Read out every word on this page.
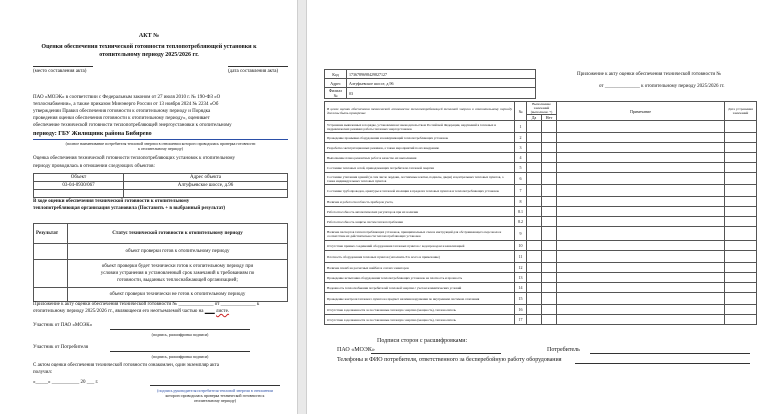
АКТ №
Оценки обеспечения технической готовности теплопотребляющей установки к
отопительному периоду 2025/2026 гг.
(место составления акта)	(дата составления акта)
ПАО «МОЭК» в соответствии с Федеральным законом от 27 июля 2010 г. № 190-ФЗ «О
теплоснабжении», а также приказом Минэнерго России от 13 ноября 2024 № 2234 «Об
утверждении Правил обеспечения готовности к отопительному периоду и Порядка
проведения оценки обеспечения готовности к отопительному периоду», оценивает
обеспечение технической готовности теплопотребляющей энергоустановки к отопительному
периоду: ГБУ Жилищник района Бибирево
(полное наименование потребителя тепловой энергии в отношении которого проводилась проверка готовности
к отопительному периоду)
Оценка обеспечения технической готовности теплопотребляющих установок к отопительному
периоду проводилась в отношении следующих объектов:
Объект	Адрес объекта
03-04-0930/067	Алтуфьевское шоссе, д.96

В ходе оценки обеспечения технической готовности к отопительному
теплопотребляющая организация установила (Поставить + в выбранный результат)
Результат	Статус технической готовности к отопительному периоду
	объект проверки готов к отопительному периоду

	объект проверки будет технически готов к отопительному периоду при
условии устранения в установленный срок замечаний к требованиям по
готовности, выданных теплоснабжающей организацией;

	объект проверки технически не готов к отопительному периоду
Приложение к акту оценки обеспечения технической готовности № ______________ от ______________ к
отопительному периоду 2025/2026 гг., являющееся его неотъемлемой частью на ____ листе.
Участник от ПАО «МОЭК»
(подпись, расшифровка подписи)
Участник от Потребителя
(подпись, расшифровка подписи)
С актом оценки обеспечения технической готовности ознакомлен, один экземпляр акта
получил:
«_____» ___________ 20 ___ г.
(подпись руководителя потребителя тепловой энергии в отношении
которого проводилась проверка технической готовности к
отопительному периоду)
Код	1736789698429827127
Адрес	Алтуфьевское шоссе, д.96
Филиал №	03
Приложение к акту оценки обеспечения технической готовности №
от ______________ к отопительному периоду 2025/2026 гг.
В целях оценки обеспечения технической готовности теплопотребляющей тепловой энергии к отопительному периоду должны быть проверены:	№	Выполнение замечаний (выполнено +)		Примечание	Дата устранения замечаний
		Да	Нет		
Устранение выявленных в порядке, установленном законодательством Российской Федерации, нарушений в тепловых и гидравлических режимах работы тепловых энергоустановок	1				
Проведение промывки оборудования и коммуникаций теплопотребляющих установок	2				
Разработка эксплуатационных режимов, а также мероприятий по их внедрению	3				
Выполнение плана ремонтных работ и качество их выполнения	4				
Состояние тепловых сетей, принадлежащих потребителю тепловой энергии	5				
Состояние утепления зданий (за тем числе чердаки, лестничные клетки, подвалы, двери) и центральных тепловых пунктов, а также индивидуальных тепловых пунктов	6				
Состояние трубопроводов, арматуры и тепловой изоляции в пределах тепловых пунктов и теплопотребляющих установок	7				
Наличие и работоспособность приборов учета,	8				
Работоспособность автоматических регуляторов при их наличии	8.1				
Работоспособность защиты систем теплопотребления	8.2				
Наличие паспортов теплопотребляющих установок, принципиальных схем и инструкций для обслуживающего персонала и соответствие их действительности теплопотребляющих установок	9				
Отсутствие прямых соединений оборудования тепловых пунктов с водопроводом и канализацией	10				
Плотность оборудования тепловых пунктов (заполнить Р.п. всего и примечание)	11				
Наличие пломб на расчетных шайбах и соплах элеваторов	12				
Проведение испытания оборудования теплопотребляющих установок на плотность и прочность	13				
Надежность теплоснабжения потребителей тепловой энергии с учетом климатических условий	14				
Проведение контроля теплового пункта на предмет наличия нарушения по внутренним системам отопления	15				
Отсутствие задолженности за поставленные тепловую энергию (мощность), теплоноситель	16				
Отсутствие задолженности за поставленные тепловую энергию (мощность), теплоноситель	17				
Подписи сторон с расшифровками:
ПАО «МОЭК»	Потребитель
Телефоны и ФИО потребителя, ответственного за бесперебойную работу оборудования
